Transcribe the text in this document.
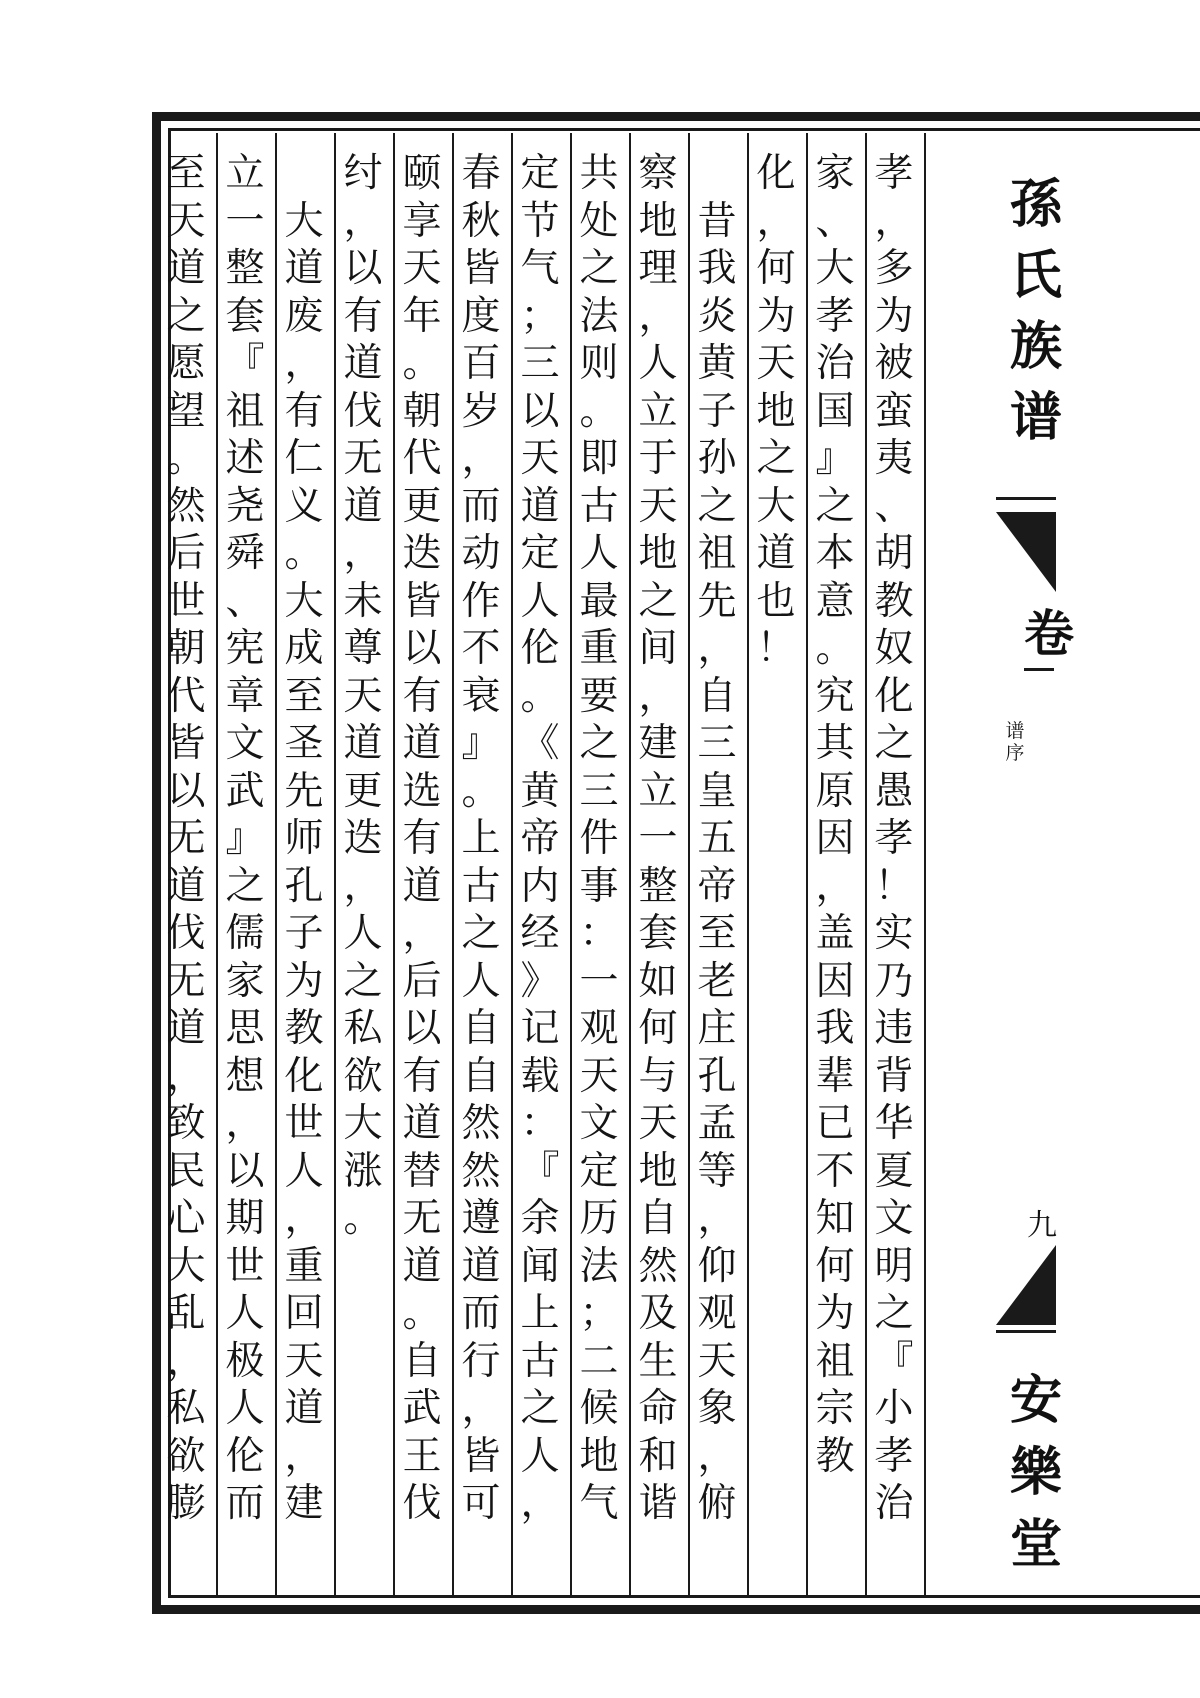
孝
，
多
为
被
蛮
夷
、
胡
教
奴
化
之
愚
孝
！
实
乃
违
背
华
夏
文
明
之
『
小
孝
治
家
、
大
孝
治
国
』
之
本
意
。
究
其
原
因
，
盖
因
我
辈
已
不
知
何
为
祖
宗
教
化
，
何
为
天
地
之
大
道
也
！

昔
我
炎
黄
子
孙
之
祖
先
，
自
三
皇
五
帝
至
老
庄
孔
孟
等
，
仰
观
天
象
，
俯
察
地
理
，
人
立
于
天
地
之
间
，
建
立
一
整
套
如
何
与
天
地
自
然
及
生
命
和
谐
共
处
之
法
则
。
即
古
人
最
重
要
之
三
件
事
：
一
观
天
文
定
历
法
；
二
候
地
气
定
节
气
；
三
以
天
道
定
人
伦
。
《
黄
帝
内
经
》
记
载
：
『
余
闻
上
古
之
人
，
春
秋
皆
度
百
岁
，
而
动
作
不
衰
』
。
上
古
之
人
自
自
然
然
遵
道
而
行
，
皆
可
颐
享
天
年
。
朝
代
更
迭
皆
以
有
道
选
有
道
，
后
以
有
道
替
无
道
。
自
武
王
伐
纣
，
以
有
道
伐
无
道
，
未
尊
天
道
更
迭
，
人
之
私
欲
大
涨
。

大
道
废
，
有
仁
义
。
大
成
至
圣
先
师
孔
子
为
教
化
世
人
，
重
回
天
道
，
建
立
一
整
套
『
祖
述
尧
舜
、
宪
章
文
武
』
之
儒
家
思
想
，
以
期
世
人
极
人
伦
而
至
天
道
之
愿
望
。
然
后
世
朝
代
皆
以
无
道
伐
无
道
，
致
民
心
大
乱
，
私
欲
膨
孫
氏
族
谱
卷
谱
序
九
安
樂
堂
